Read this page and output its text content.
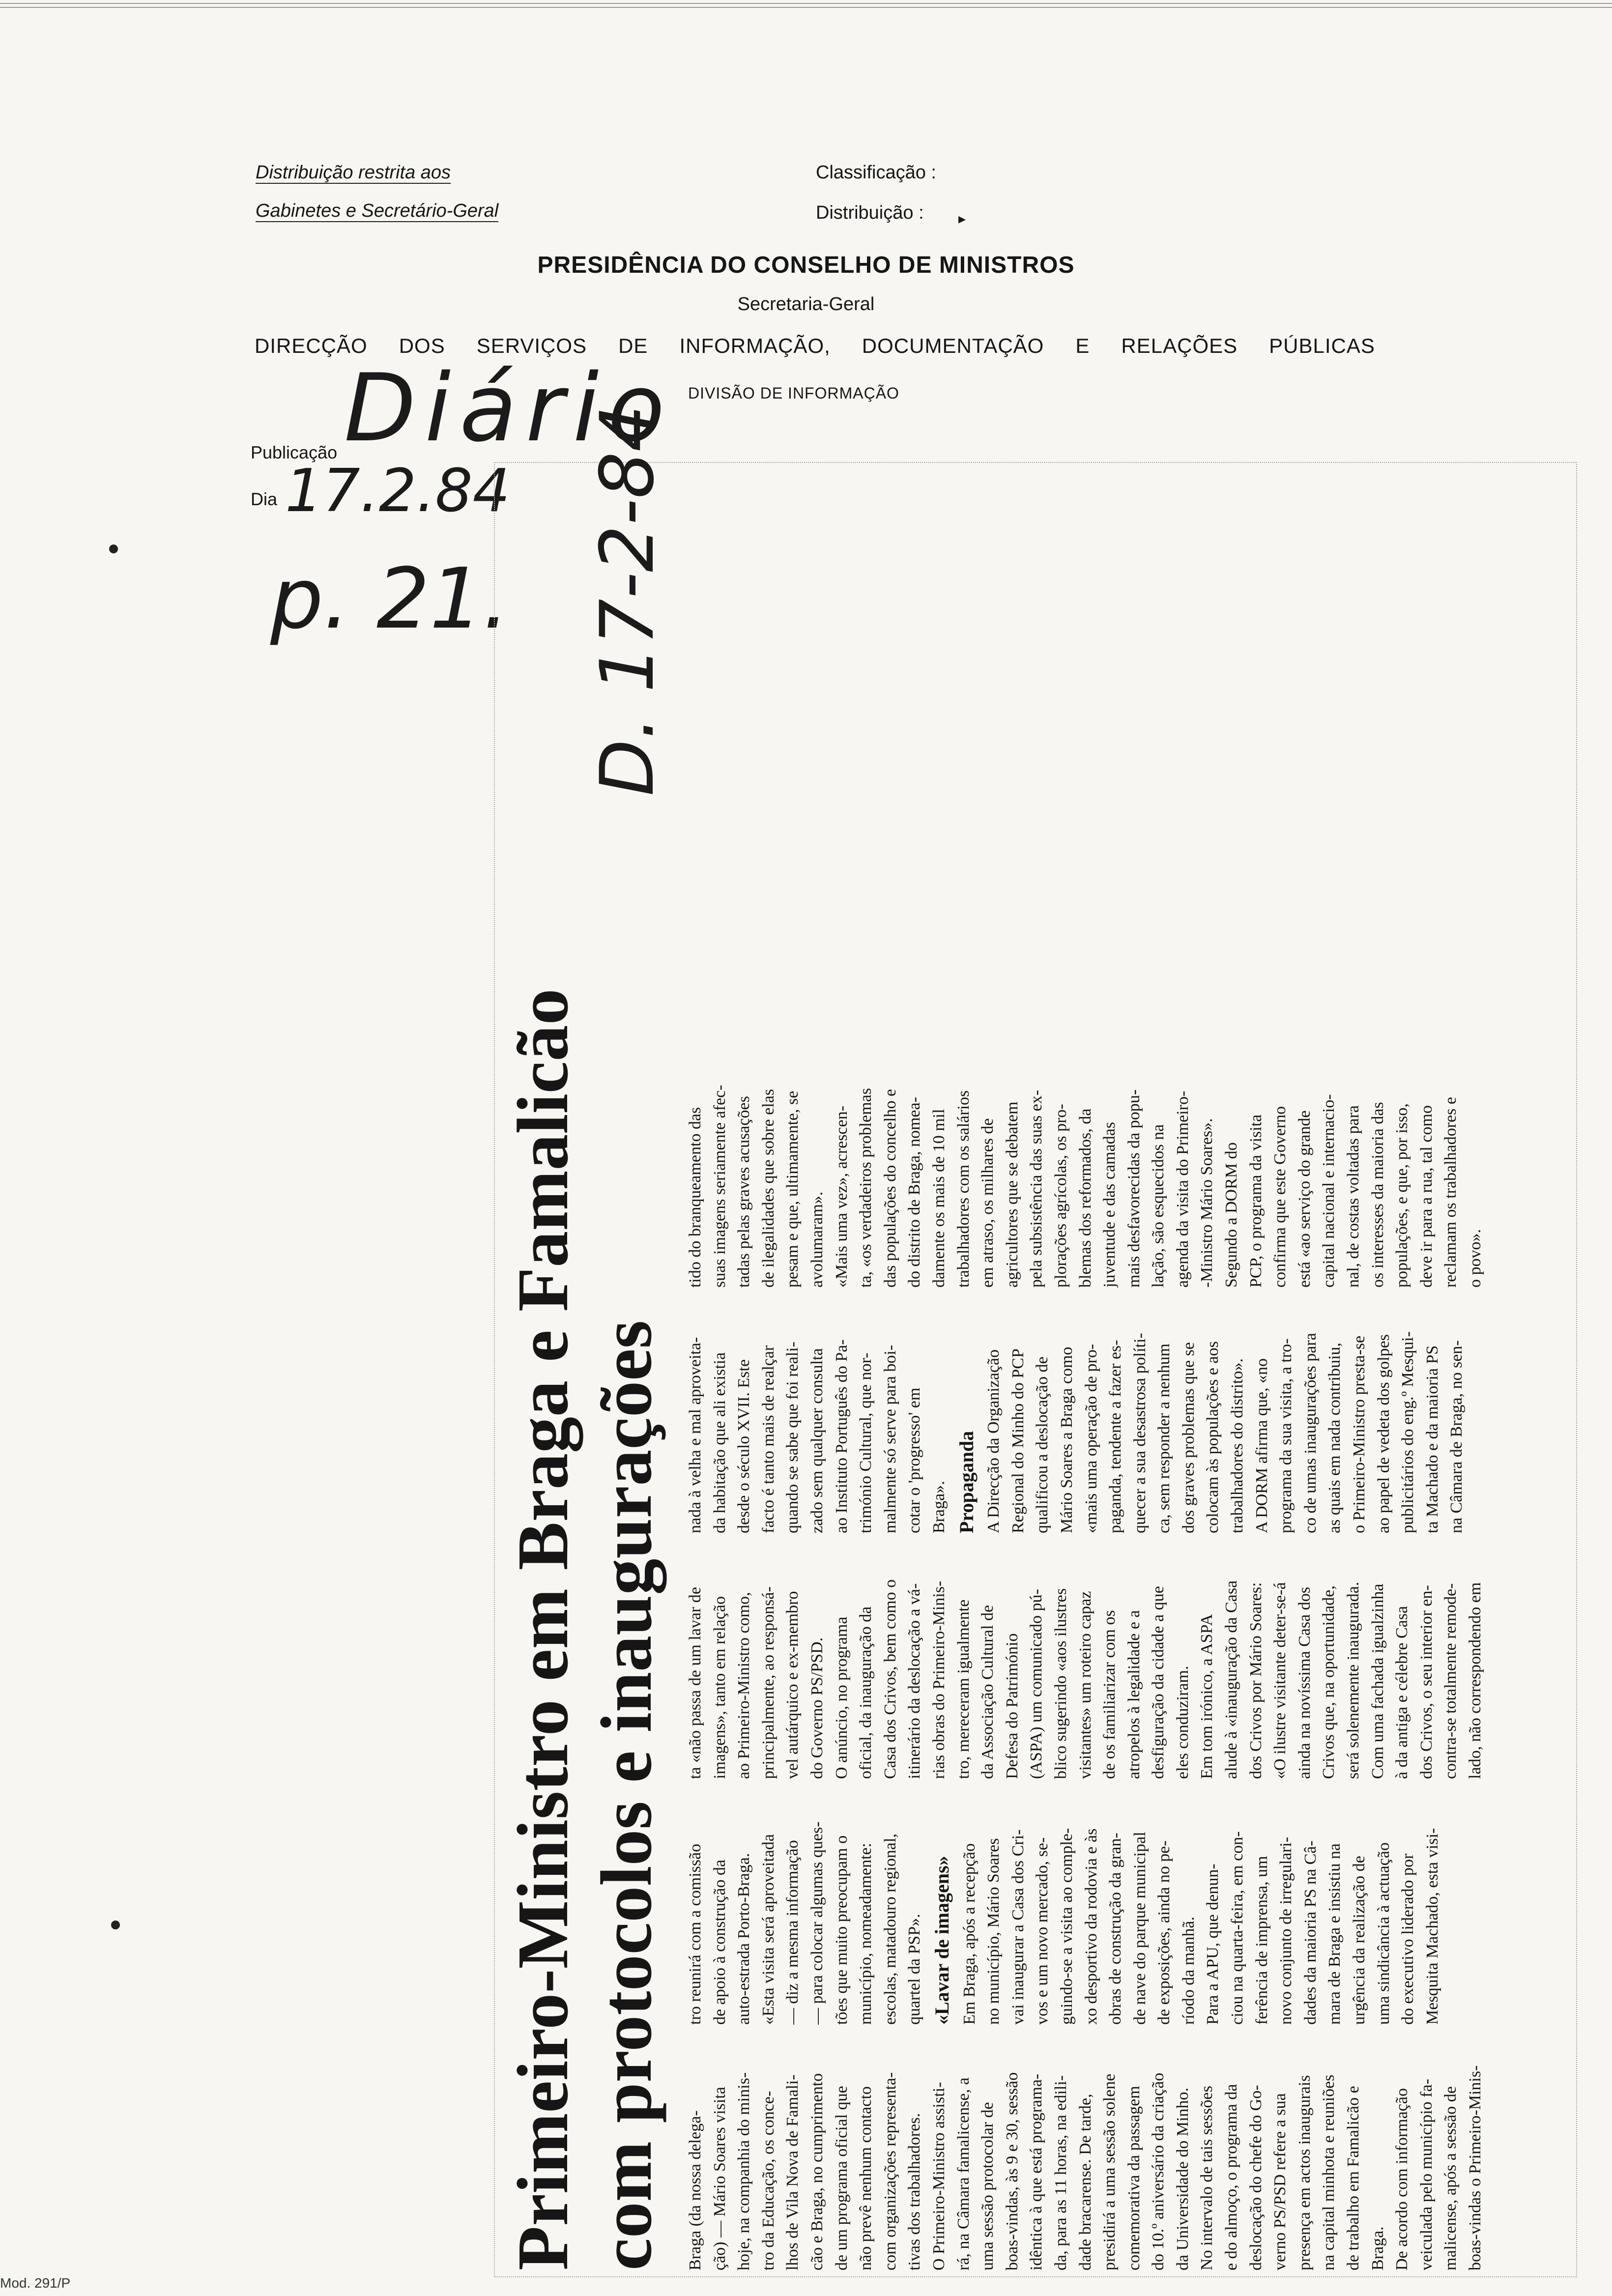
Distribuição restrita aos
Gabinetes e Secretário-Geral
Classificação :
Distribuição : ▸
PRESIDÊNCIA DO CONSELHO DE MINISTROS
Secretaria-Geral
DIRECÇÃO DOS SERVIÇOS DE INFORMAÇÃO, DOCUMENTAÇÃO E RELAÇÕES PÚBLICAS
DIVISÃO DE INFORMAÇÃO
Publicação
Dia
Diário
17.2.84
p. 21.
Primeiro-Ministro em Braga e Famalicão com protocolos e inaugurações Braga (da nossa delega- ção) — Mário Soares visita hoje, na companhia do minis- tro da Educação, os conce- lhos de Vila Nova de Famali- cão e Braga, no cumprimento de um programa oficial que não prevê nenhum contacto com organizações representa- tivas dos trabalhadores. O Primeiro-Ministro assisti- rá, na Câmara famalicense, a uma sessão protocolar de boas-vindas, às 9 e 30, sessão idêntica à que está programa- da, para as 11 horas, na edili- dade bracarense. De tarde, presidirá a uma sessão solene comemorativa da passagem do 10.º aniversário da criação da Universidade do Minho. No intervalo de tais sessões e do almoço, o programa da deslocação do chefe do Go- verno PS/PSD refere a sua presença em actos inaugurais na capital minhota e reuniões de trabalho em Famalicão e Braga. De acordo com informação veiculada pelo município fa- malicense, após a sessão de boas-vindas o Primeiro-Minis-
tro reunirá com a comissão de apoio à construção da auto-estrada Porto-Braga. «Esta visita será aproveitada — diz a mesma informação — para colocar algumas ques- tões que muito preocupam o município, nomeadamente: escolas, matadouro regional, quartel da PSP». «Lavar de imagens» Em Braga, após a recepção no município, Mário Soares vai inaugurar a Casa dos Cri- vos e um novo mercado, se- guindo-se a visita ao comple- xo desportivo da rodovia e às obras de construção da gran- de nave do parque municipal de exposições, ainda no pe- ríodo da manhã. Para a APU, que denun- ciou na quarta-feira, em con- ferência de imprensa, um novo conjunto de irregulari- dades da maioria PS na Câ- mara de Braga e insistiu na urgência da realização de uma sindicância à actuação do executivo liderado por Mesquita Machado, esta visi-
ta «não passa de um lavar de imagens», tanto em relação ao Primeiro-Ministro como, principalmente, ao responsá- vel autárquico e ex-membro do Governo PS/PSD. O anúncio, no programa oficial, da inauguração da Casa dos Crivos, bem como o itinerário da deslocação a vá- rias obras do Primeiro-Minis- tro, mereceram igualmente da Associação Cultural de Defesa do Património (ASPA) um comunicado pú- blico sugerindo «aos ilustres visitantes» um roteiro capaz de os familiarizar com os atropelos à legalidade e a desfiguração da cidade a que eles conduziram. Em tom irónico, a ASPA alude à «inauguração da Casa dos Crivos por Mário Soares: «O ilustre visitante deter-se-á ainda na novíssima Casa dos Crivos que, na oportunidade, será solenemente inaugurada. Com uma fachada igualzinha à da antiga e célebre Casa dos Crivos, o seu interior en- contra-se totalmente remode- lado, não correspondendo em
nada à velha e mal aproveita- da habitação que ali existia desde o século XVII. Este facto é tanto mais de realçar quando se sabe que foi reali- zado sem qualquer consulta ao Instituto Português do Pa- trimónio Cultural, que nor- malmente só serve para boi- cotar o 'progresso' em Braga». Propaganda A Direcção da Organização Regional do Minho do PCP qualificou a deslocação de Mário Soares a Braga como «mais uma operação de pro- paganda, tendente a fazer es- quecer a sua desastrosa políti- ca, sem responder a nenhum dos graves problemas que se colocam às populações e aos trabalhadores do distrito». A DORM afirma que, «no programa da sua visita, a tro- co de umas inaugurações para as quais em nada contribuiu, o Primeiro-Ministro presta-se ao papel de vedeta dos golpes publicitários do eng.º Mesqui- ta Machado e da maioria PS na Câmara de Braga, no sen-
tido do branqueamento das suas imagens seriamente afec- tadas pelas graves acusações de ilegalidades que sobre elas pesam e que, ultimamente, se avolumaram». «Mais uma vez», acrescen- ta, «os verdadeiros problemas das populações do concelho e do distrito de Braga, nomea- damente os mais de 10 mil trabalhadores com os salários em atraso, os milhares de agricultores que se debatem pela subsistência das suas ex- plorações agrícolas, os pro- blemas dos reformados, da juventude e das camadas mais desfavorecidas da popu- lação, são esquecidos na agenda da visita do Primeiro- -Ministro Mário Soares». Segundo a DORM do PCP, o programa da visita confirma que este Governo está «ao serviço do grande capital nacional e internacio- nal, de costas voltadas para os interesses da maioria das populações, e que, por isso, deve ir para a rua, tal como reclamam os trabalhadores e o povo».
D. 17-2-84
Mod. 291/P
